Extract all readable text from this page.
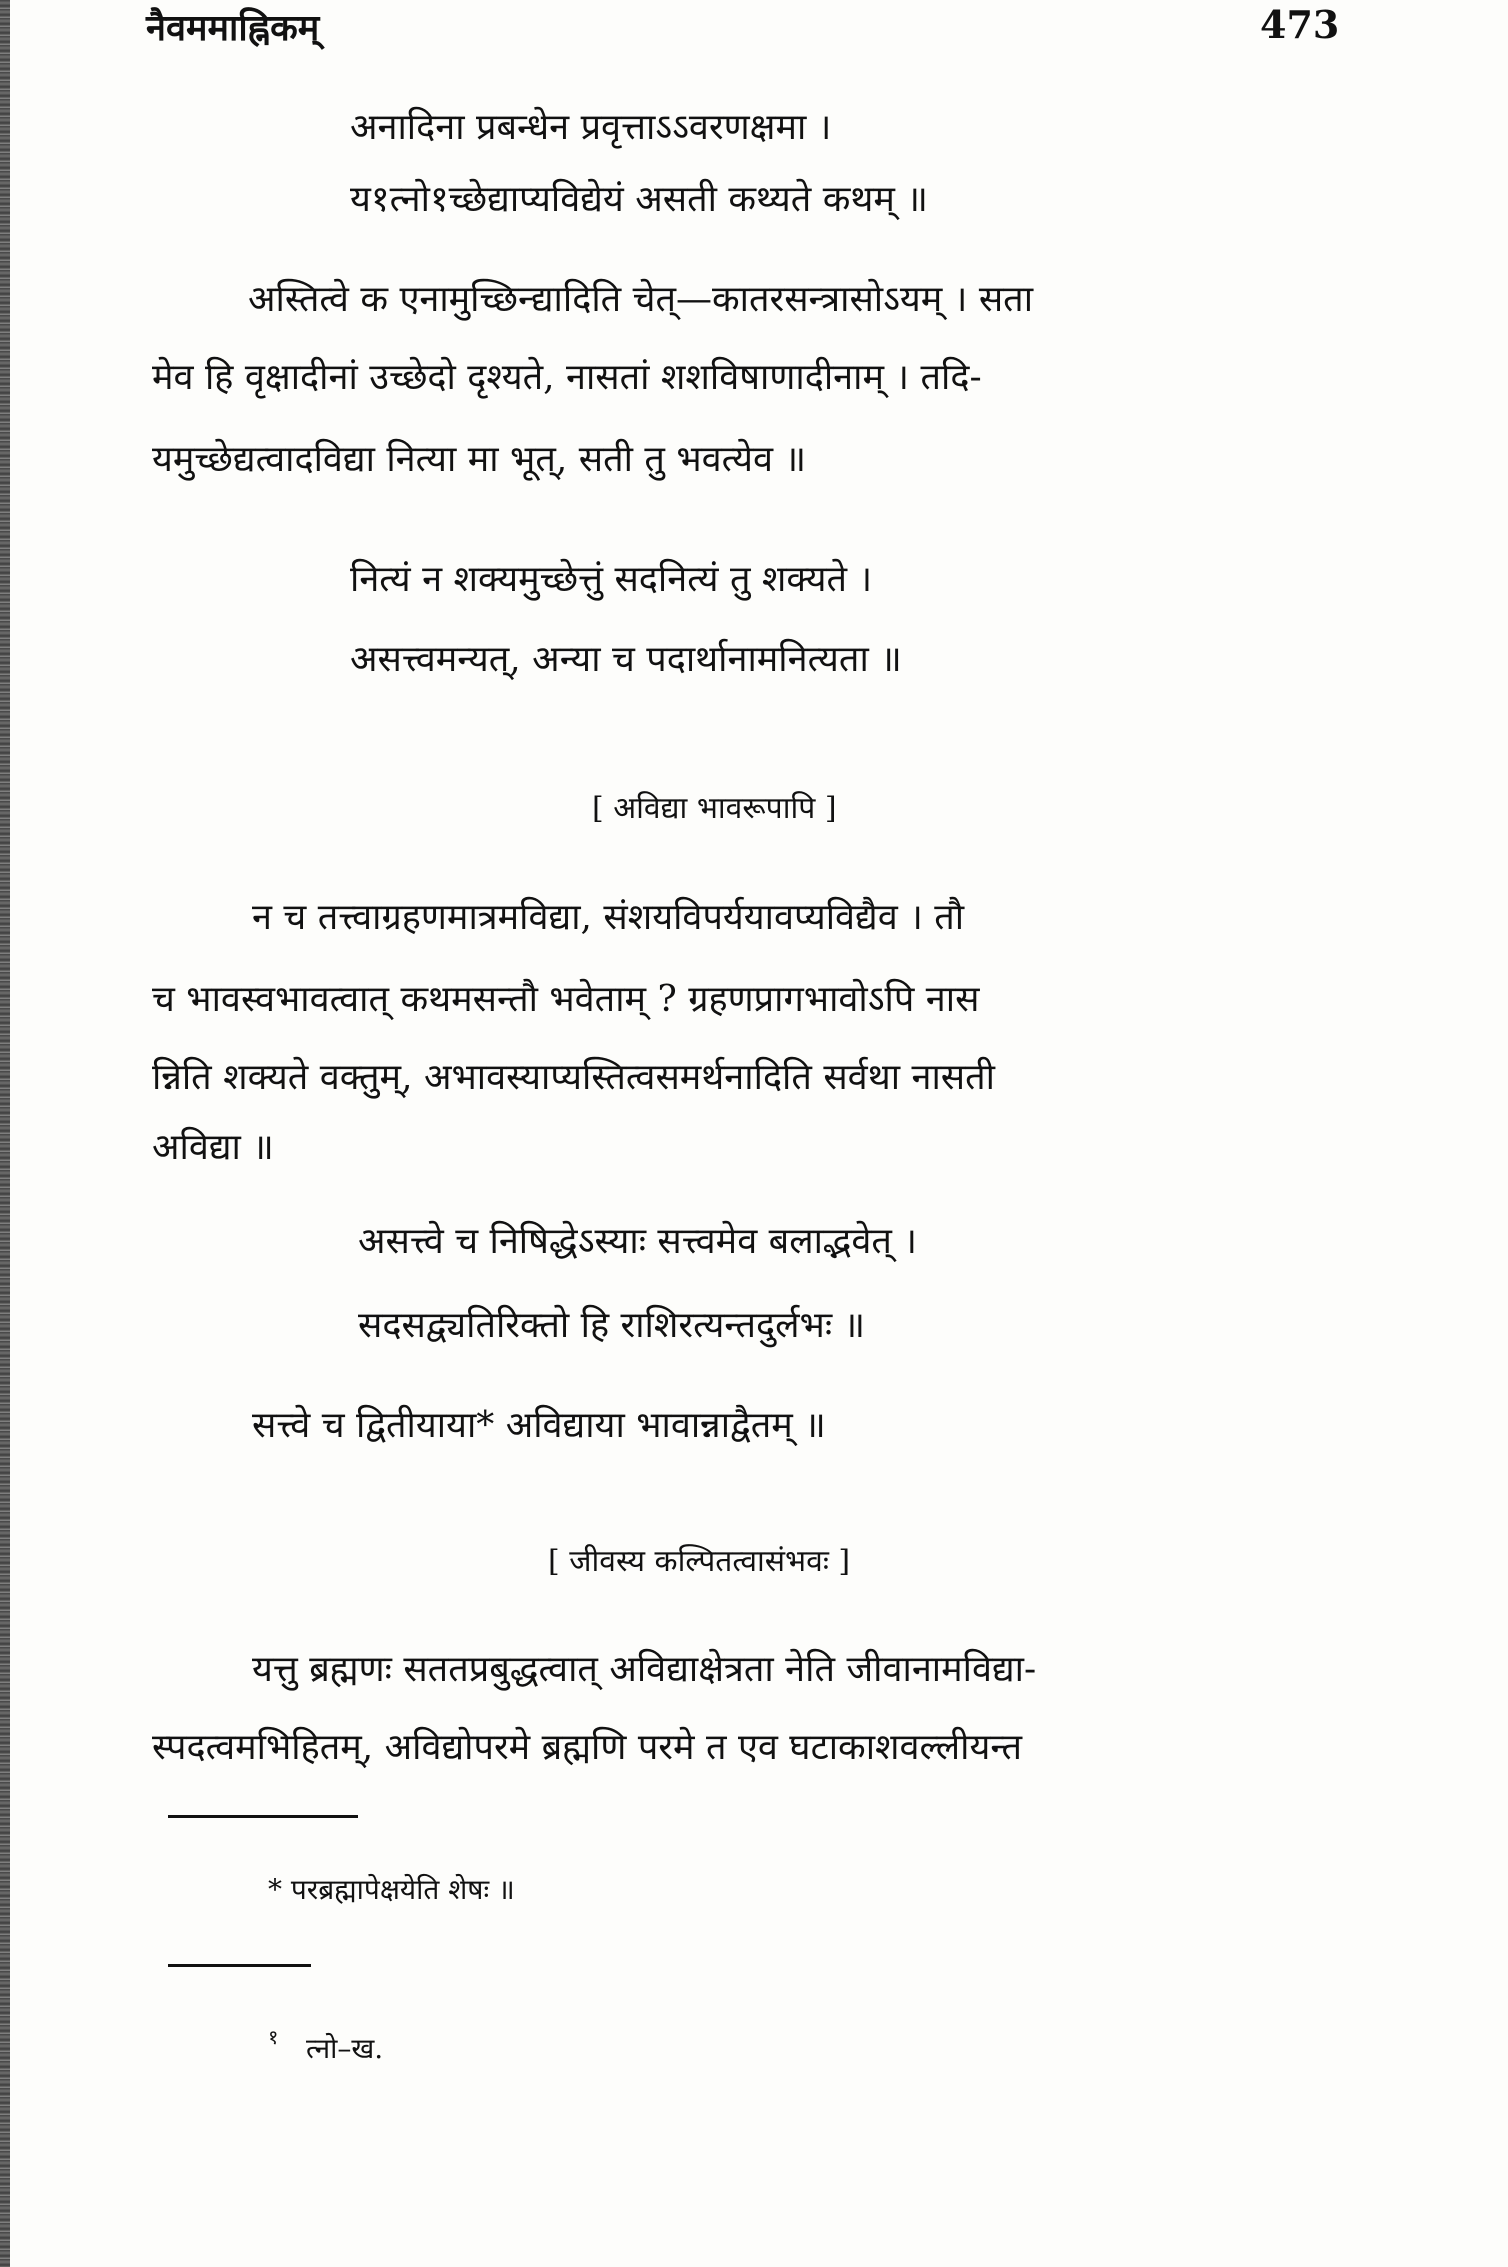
नैवममाह्निकम्	473
अनादिना प्रबन्धेन प्रवृत्ताऽऽवरणक्षमा ।
य१त्नो१च्छेद्याप्यविद्येयं असती कथ्यते कथम् ॥
अस्तित्वे क एनामुच्छिन्द्यादिति चेत्—कातरसन्त्रासोऽयम् । सता
मेव हि वृक्षादीनां उच्छेदो दृश्यते, नासतां शशविषाणादीनाम् । तदि-
यमुच्छेद्यत्वादविद्या नित्या मा भूत्, सती तु भवत्येव ॥
नित्यं न शक्यमुच्छेत्तुं सदनित्यं तु शक्यते ।
असत्त्वमन्यत्, अन्या च पदार्थानामनित्यता ॥
[ अविद्या भावरूपापि ]
न च तत्त्वाग्रहणमात्रमविद्या, संशयविपर्ययावप्यविद्यैव । तौ
च भावस्वभावत्वात् कथमसन्तौ भवेताम् ? ग्रहणप्रागभावोऽपि नास
न्निति शक्यते वक्तुम्, अभावस्याप्यस्तित्वसमर्थनादिति सर्वथा नासती
अविद्या ॥
असत्त्वे च निषिद्धेऽस्याः सत्त्वमेव बलाद्भवेत् ।
सदसद्व्यतिरिक्तो हि राशिरत्यन्तदुर्लभः ॥
सत्त्वे च द्वितीयाया* अविद्याया भावान्नाद्वैतम् ॥
[ जीवस्य कल्पितत्वासंभवः ]
यत्तु ब्रह्मणः सततप्रबुद्धत्वात् अविद्याक्षेत्रता नेति जीवानामविद्या-
स्पदत्वमभिहितम्, अविद्योपरमे ब्रह्मणि परमे त एव घटाकाशवल्लीयन्त
* परब्रह्मापेक्षयेति शेषः ॥
१ त्नो–ख.
